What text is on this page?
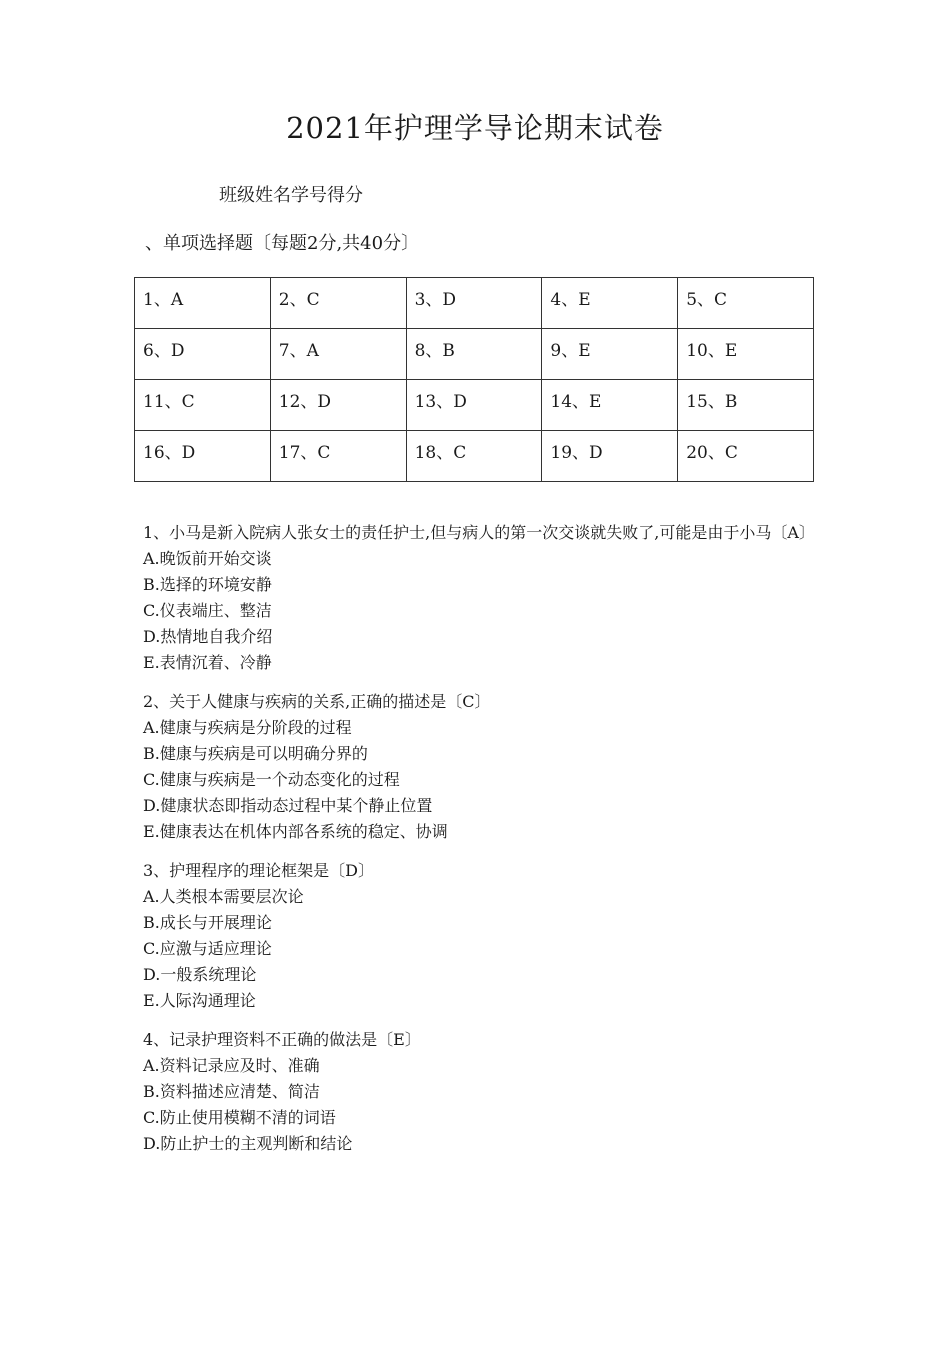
2021年护理学导论期末试卷
班级姓名学号得分
、单项选择题〔每题2分,共40分〕
1、A	2、C	3、D	4、E	5、C
6、D	7、A	8、B	9、E	10、E
11、C	12、D	13、D	14、E	15、B
16、D	17、C	18、C	19、D	20、C
1、小马是新入院病人张女士的责任护士,但与病人的第一次交谈就失败了,可能是由于小马〔A〕
A.晚饭前开始交谈
B.选择的环境安静
C.仪表端庄、整洁
D.热情地自我介绍
E.表情沉着、冷静
2、关于人健康与疾病的关系,正确的描述是〔C〕
A.健康与疾病是分阶段的过程
B.健康与疾病是可以明确分界的
C.健康与疾病是一个动态变化的过程
D.健康状态即指动态过程中某个静止位置
E.健康表达在机体内部各系统的稳定、协调
3、护理程序的理论框架是〔D〕
A.人类根本需要层次论
B.成长与开展理论
C.应激与适应理论
D.一般系统理论
E.人际沟通理论
4、记录护理资料不正确的做法是〔E〕
A.资料记录应及时、准确
B.资料描述应清楚、简洁
C.防止使用模糊不清的词语
D.防止护士的主观判断和结论
